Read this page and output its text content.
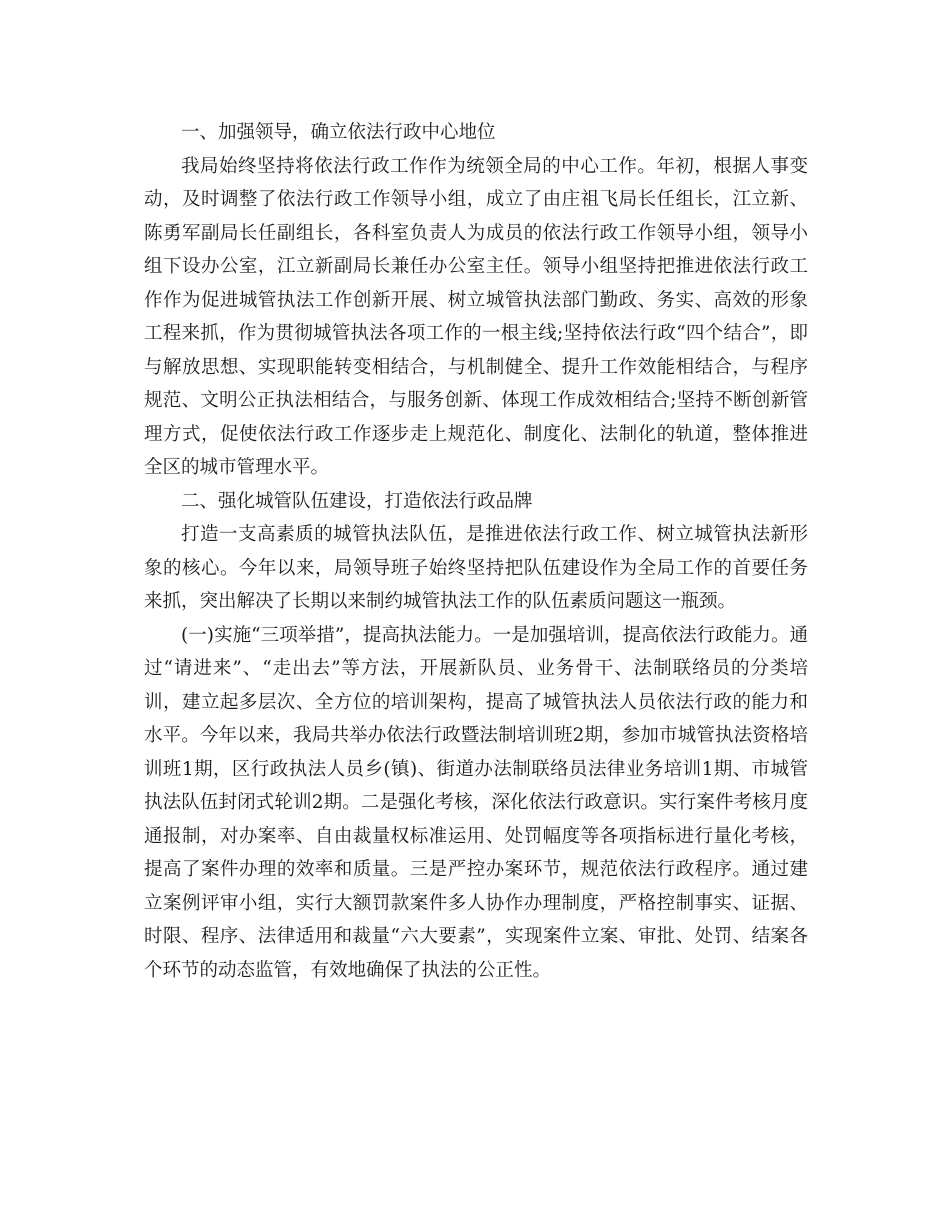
一、加强领导，确立依法行政中心地位

我局始终坚持将依法行政工作作为统领全局的中心工作。年初，根据人事变动，及时调整了依法行政工作领导小组，成立了由庄祖飞局长任组长，江立新、陈勇军副局长任副组长，各科室负责人为成员的依法行政工作领导小组，领导小组下设办公室，江立新副局长兼任办公室主任。领导小组坚持把推进依法行政工作作为促进城管执法工作创新开展、树立城管执法部门勤政、务实、高效的形象工程来抓，作为贯彻城管执法各项工作的一根主线;坚持依法行政“四个结合”，即与解放思想、实现职能转变相结合，与机制健全、提升工作效能相结合，与程序规范、文明公正执法相结合，与服务创新、体现工作成效相结合;坚持不断创新管理方式，促使依法行政工作逐步走上规范化、制度化、法制化的轨道，整体推进全区的城市管理水平。

二、强化城管队伍建设，打造依法行政品牌

打造一支高素质的城管执法队伍，是推进依法行政工作、树立城管执法新形象的核心。今年以来，局领导班子始终坚持把队伍建设作为全局工作的首要任务来抓，突出解决了长期以来制约城管执法工作的队伍素质问题这一瓶颈。

(一)实施“三项举措”，提高执法能力。一是加强培训，提高依法行政能力。通过“请进来”、“走出去”等方法，开展新队员、业务骨干、法制联络员的分类培训，建立起多层次、全方位的培训架构，提高了城管执法人员依法行政的能力和水平。今年以来，我局共举办依法行政暨法制培训班2期，参加市城管执法资格培训班1期，区行政执法人员乡(镇)、街道办法制联络员法律业务培训1期、市城管执法队伍封闭式轮训2期。二是强化考核，深化依法行政意识。实行案件考核月度通报制，对办案率、自由裁量权标准运用、处罚幅度等各项指标进行量化考核，提高了案件办理的效率和质量。三是严控办案环节，规范依法行政程序。通过建立案例评审小组，实行大额罚款案件多人协作办理制度，严格控制事实、证据、时限、程序、法律适用和裁量“六大要素”，实现案件立案、审批、处罚、结案各个环节的动态监管，有效地确保了执法的公正性。
